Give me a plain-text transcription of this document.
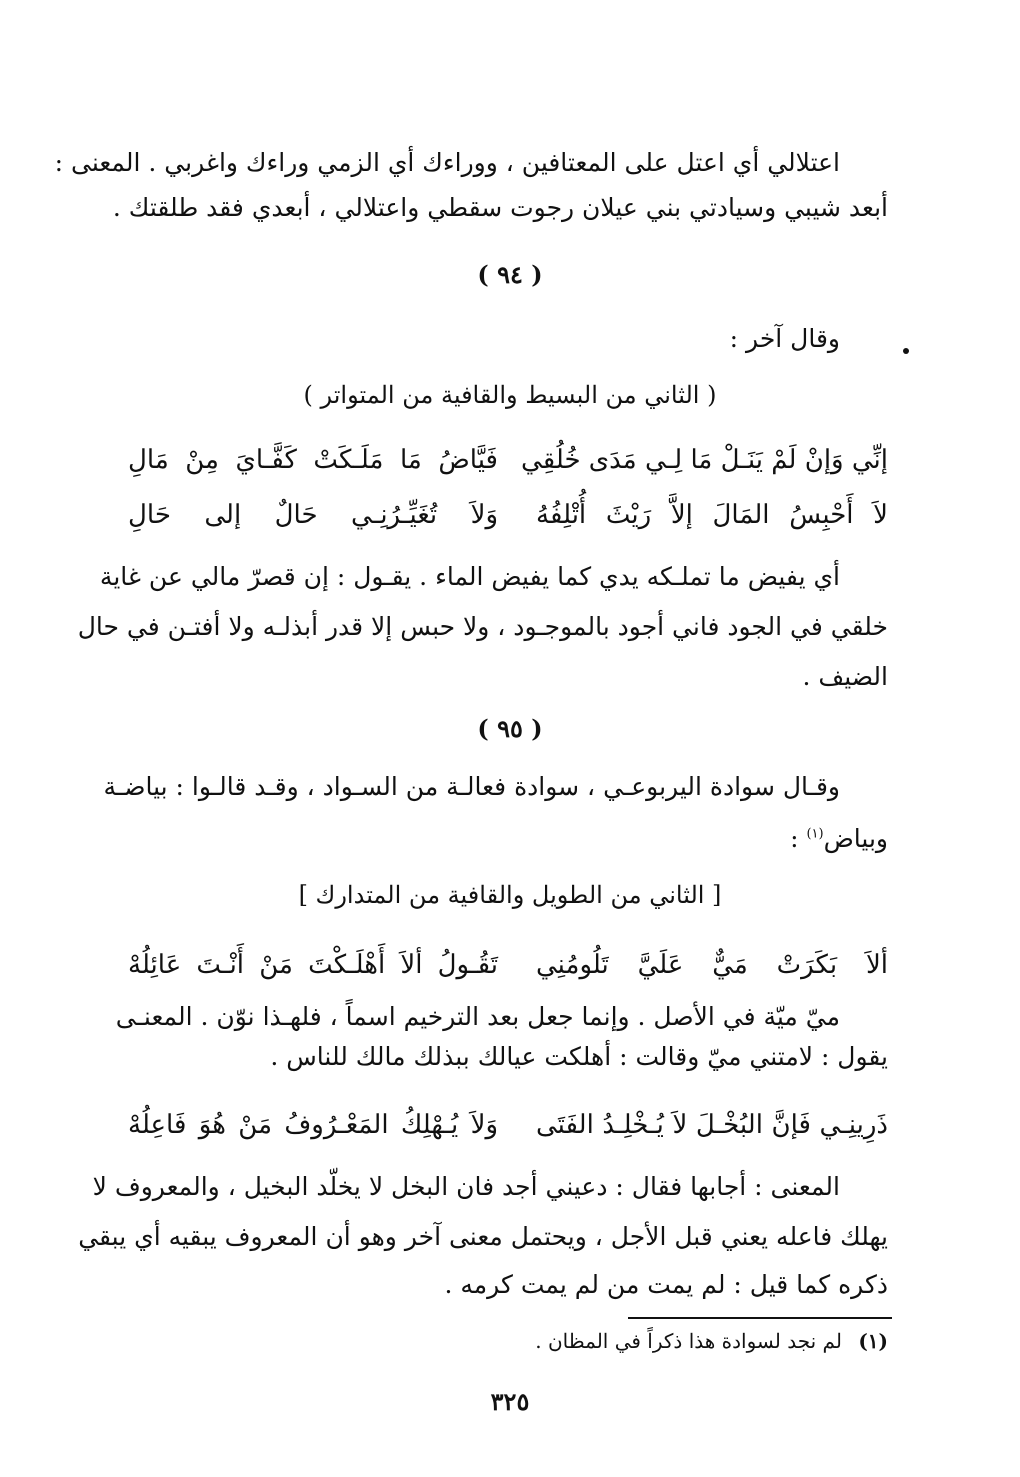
اعتلالي أي اعتل على المعتافين ، ووراءك أي الزمي وراءك واغربي . المعنى :
أبعد شيبي وسيادتي بني عيلان رجوت سقطي واعتلالي ، أبعدي فقد طلقتك .
( ٩٤ )
وقال آخر :
( الثاني من البسيط والقافية من المتواتر )
إنِّي وَإنْ لَمْ يَنَـلْ مَا لِـي مَدَى خُلُقِي
فَيَّاضُ مَا مَلَـكَتْ كَفَّـايَ مِنْ مَالِ
لاَ أَحْبِسُ المَالَ إلاَّ رَيْثَ أُتْلِفُهُ
وَلاَ تُغَيِّـرُنِـي حَالٌ إلى حَالِ
أي يفيض ما تملـكه يدي كما يفيض الماء . يقـول : إن قصرّ مالي عن غاية
خلقي في الجود فاني أجود بالموجـود ، ولا حبس إلا قدر أبذلـه ولا أفتـن في حال
الضيف .
( ٩٥ )
وقـال سوادة اليربوعـي ، سوادة فعالـة من السـواد ، وقـد قالـوا : بياضـة
وبياض$^{(١)}$ :
[ الثاني من الطويل والقافية من المتدارك ]
ألاَ بَكَرَتْ مَيٌّ عَلَيَّ تَلُومُنِي
تَقُـولُ ألاَ أَهْلَـكْتَ مَنْ أَنْـتَ عَائِلُهْ
ميّ ميّة في الأصل . وإنما جعل بعد الترخيم اسماً ، فلهـذا نوّن . المعنـى
يقول : لامتني ميّ وقالت : أهلكت عيالك ببذلك مالك للناس .
ذَرِينِـي فَإنَّ البُخْـلَ لاَ يُـخْلِـدُ الفَتَى
وَلاَ يُـهْلِكُ المَعْـرُوفُ مَنْ هُوَ فَاعِلُهْ
المعنى : أجابها فقال : دعيني أجد فان البخل لا يخلّد البخيل ، والمعروف لا
يهلك فاعله يعني قبل الأجل ، ويحتمل معنى آخر وهو أن المعروف يبقيه أي يبقي
ذكره كما قيل : لم يمت من لم يمت كرمه .
(١) لم نجد لسوادة هذا ذكراً في المظان .
٣٢٥
